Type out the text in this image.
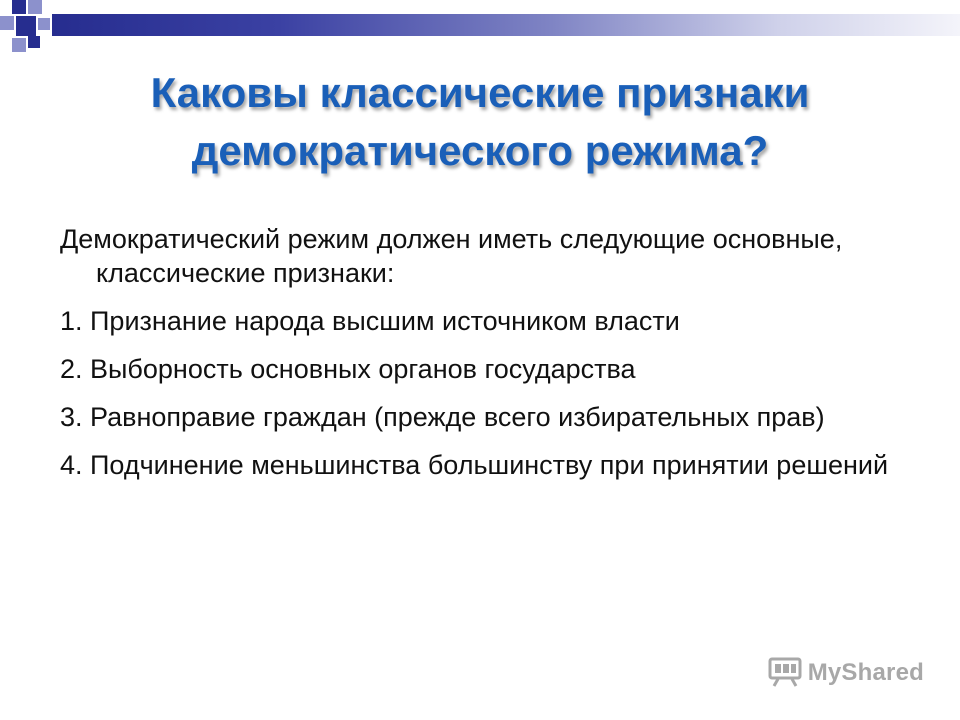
Каковы классические признаки
демократического режима?

Демократический режим должен иметь следующие основные, классические признаки:

1. Признание народа высшим источником власти

2. Выборность основных органов государства

3. Равноправие граждан (прежде всего избирательных прав)

4. Подчинение меньшинства большинству при принятии решений

MyShared
